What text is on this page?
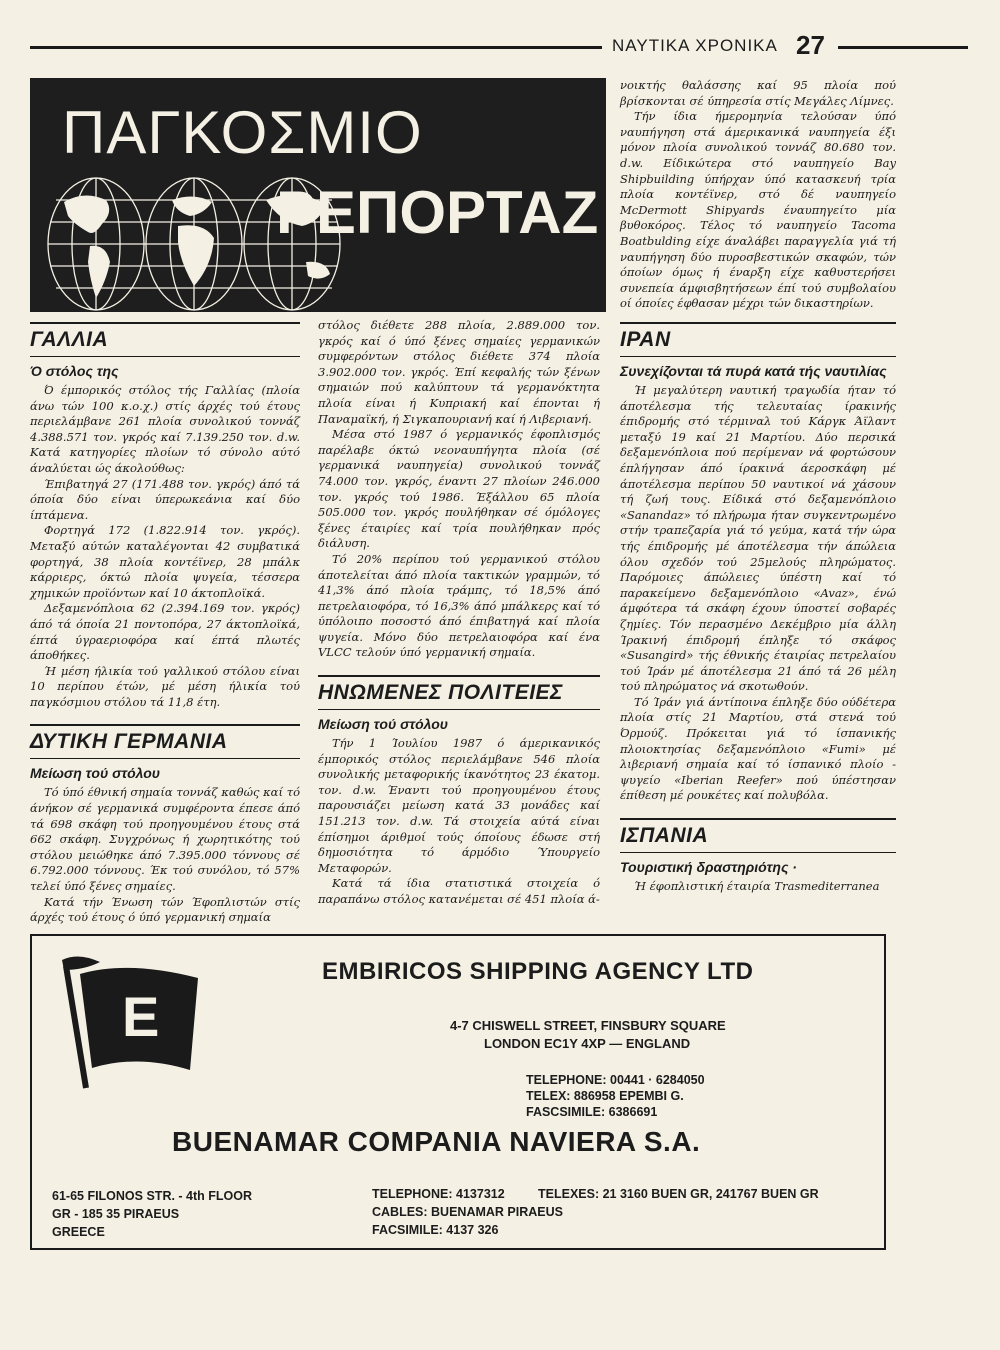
ΝΑΥΤΙΚΑ ΧΡΟΝΙΚΑ 27
ΠΑΓΚΟΣΜΙΟ
ΡΕΠΟΡΤΑΖ

νοικτής θαλάσσης καί 95 πλοία πού βρίσκονται σέ ύπηρεσία στίς Μεγάλες Λίμνες.

Τήν ίδια ήμερομηνία τελούσαν ύπό ναυπήγηση στά άμερικανικά ναυπηγεία έξι μόνον πλοία συνολικού τοννάζ 80.680 τον. d.w. Είδικώτερα στό ναυπηγείο Bay Shipbuilding ύπήρχαν ύπό κατασκευή τρία πλοία κοντέϊνερ, στό δέ ναυπηγείο McDermott Shipyards έναυπηγείτο μία βυθοκόρος. Τέλος τό ναυπηγείο Tacoma Boatbulding είχε άναλάβει παραγγελία γιά τή ναυπήγηση δύο πυροσβεστικών σκαφών, τών όποίων όμως ή έναρξη είχε καθυστερήσει συνεπεία άμφισβητήσεων έπί τού συμβολαίου οί όποίες έφθασαν μέχρι τών δικαστηρίων.

ΓΑΛΛΙΑ
Ό στόλος της

Ό έμπορικός στόλος τής Γαλλίας (πλοία άνω τών 100 κ.ο.χ.) στίς άρχές τού έτους περιελάμβανε 261 πλοία συνολικού τοννάζ 4.388.571 τον. γκρός καί 7.139.250 τον. d.w. Κατά κατηγορίες πλοίων τό σύνολο αύτό άναλύεται ώς άκολούθως:

Έπιβατηγά 27 (171.488 τον. γκρός) άπό τά όποία δύο είναι ύπερωκεάνια καί δύο ίπτάμενα.

Φορτηγά 172 (1.822.914 τον. γκρός). Μεταξύ αύτών καταλέγονται 42 συμβατικά φορτηγά, 38 πλοία κοντέϊνερ, 28 μπάλκ κάρριερς, όκτώ πλοία ψυγεία, τέσσερα χημικών προϊόντων καί 10 άκτοπλοϊκά.

Δεξαμενόπλοια 62 (2.394.169 τον. γκρός) άπό τά όποία 21 ποντοπόρα, 27 άκτοπλοϊκά, έπτά ύγραεριοφόρα καί έπτά πλωτές άποθήκες.

Ή μέση ήλικία τού γαλλικού στόλου είναι 10 περίπου έτών, μέ μέση ήλικία τού παγκόσμιου στόλου τά 11,8 έτη.

ΔΥΤΙΚΗ ΓΕΡΜΑΝΙΑ
Μείωση τού στόλου

Τό ύπό έθνική σημαία τοννάζ καθώς καί τό άνήκον σέ γερμανικά συμφέροντα έπεσε άπό τά 698 σκάφη τού προηγουμένου έτους στά 662 σκάφη. Συγχρόνως ή χωρητικότης τού στόλου μειώθηκε άπό 7.395.000 τόννους σέ 6.792.000 τόννους. Έκ τού συνόλου, τό 57% τελεί ύπό ξένες σημαίες.

Κατά τήν Ένωση τών Έφοπλιστών στίς άρχές τού έτους ό ύπό γερμανική σημαία

στόλος διέθετε 288 πλοία, 2.889.000 τον. γκρός καί ό ύπό ξένες σημαίες γερμανικών συμφερόντων στόλος διέθετε 374 πλοία 3.902.000 τον. γκρός. Έπί κεφαλής τών ξένων σημαιών πού καλύπτουν τά γερμανόκτητα πλοία είναι ή Κυπριακή καί έπονται ή Παναμαϊκή, ή Σιγκαπουριανή καί ή Λιβεριανή.

Μέσα στό 1987 ό γερμανικός έφοπλισμός παρέλαβε όκτώ νεοναυπήγητα πλοία (σέ γερμανικά ναυπηγεία) συνολικού τοννάζ 74.000 τον. γκρός, έναντι 27 πλοίων 246.000 τον. γκρός τού 1986. Έξάλλου 65 πλοία 505.000 τον. γκρός πουλήθηκαν σέ όμόλογες ξένες έταιρίες καί τρία πουλήθηκαν πρός διάλυση.

Τό 20% περίπου τού γερμανικού στόλου άποτελείται άπό πλοία τακτικών γραμμών, τό 41,3% άπό πλοία τράμπς, τό 18,5% άπό πετρελαιοφόρα, τό 16,3% άπό μπάλκερς καί τό ύπόλοιπο ποσοστό άπό έπιβατηγά καί πλοία ψυγεία. Μόνο δύο πετρελαιοφόρα καί ένα VLCC τελούν ύπό γερμανική σημαία.

ΗΝΩΜΕΝΕΣ ΠΟΛΙΤΕΙΕΣ
Μείωση τού στόλου

Τήν 1 Ίουλίου 1987 ό άμερικανικός έμπορικός στόλος περιελάμβανε 546 πλοία συνολικής μεταφορικής ίκανότητος 23 έκατομ. τον. d.w. Έναντι τού προηγουμένου έτους παρουσιάζει μείωση κατά 33 μονάδες καί 151.213 τον. d.w. Τά στοιχεία αύτά είναι έπίσημοι άριθμοί τούς όποίους έδωσε στή δημοσιότητα τό άρμόδιο Ύπουργείο Μεταφορών.

Κατά τά ίδια στατιστικά στοιχεία ό παραπάνω στόλος κατανέμεται σέ 451 πλοία ά-

ΙΡΑΝ
Συνεχίζονται τά πυρά κατά τής ναυτιλίας

Ή μεγαλύτερη ναυτική τραγωδία ήταν τό άποτέλεσμα τής τελευταίας ίρακινής έπιδρομής στό τέρμιναλ τού Κάργκ Άϊλαντ μεταξύ 19 καί 21 Μαρτίου. Δύο περσικά δεξαμενόπλοια πού περίμεναν νά φορτώσουν έπλήγησαν άπό ίρακινά άεροσκάφη μέ άποτέλεσμα περίπου 50 ναυτικοί νά χάσουν τή ζωή τους. Είδικά στό δεξαμενόπλοιο «Sanandaz» τό πλήρωμα ήταν συγκεντρωμένο στήν τραπεζαρία γιά τό γεύμα, κατά τήν ώρα τής έπιδρομής μέ άποτέλεσμα τήν άπώλεια όλου σχεδόν τού 25μελούς πληρώματος. Παρόμοιες άπώλειες ύπέστη καί τό παρακείμενο δεξαμενόπλοιο «Avaz», ένώ άμφότερα τά σκάφη έχουν ύποστεί σοβαρές ζημίες. Τόν περασμένο Δεκέμβριο μία άλλη Ίρακινή έπιδρομή έπληξε τό σκάφος «Susangird» τής έθνικής έταιρίας πετρελαίου τού Ίράν μέ άποτέλεσμα 21 άπό τά 26 μέλη τού πληρώματος νά σκοτωθούν.

Τό Ίράν γιά άντίποινα έπληξε δύο ούδέτερα πλοία στίς 21 Μαρτίου, στά στενά τού Όρμούζ. Πρόκειται γιά τό ίσπανικής πλοιοκτησίας δεξαμενόπλοιο «Fumi» μέ λιβεριανή σημαία καί τό ίσπανικό πλοίο - ψυγείο «Iberian Reefer» πού ύπέστησαν έπίθεση μέ ρουκέτες καί πολυβόλα.

ΙΣΠΑΝΙΑ
Τουριστική δραστηριότης ·

Ή έφοπλιστική έταιρία Trasmediterranea

E
EMBIRICOS SHIPPING AGENCY LTD
4-7 CHISWELL STREET, FINSBURY SQUARE
LONDON EC1Y 4XP — ENGLAND
TELEPHONE: 00441 · 6284050
TELEX: 886958 EPEMBI G.
FASCSIMILE: 6386691
BUENAMAR COMPANIA NAVIERA S.A.
61-65 FILONOS STR. - 4th FLOOR
GR - 185 35 PIRAEUS
GREECE
TELEPHONE: 4137312	TELEXES: 21 3160 BUEN GR, 241767 BUEN GR
CABLES: BUENAMAR PIRAEUS
FACSIMILE: 4137 326
